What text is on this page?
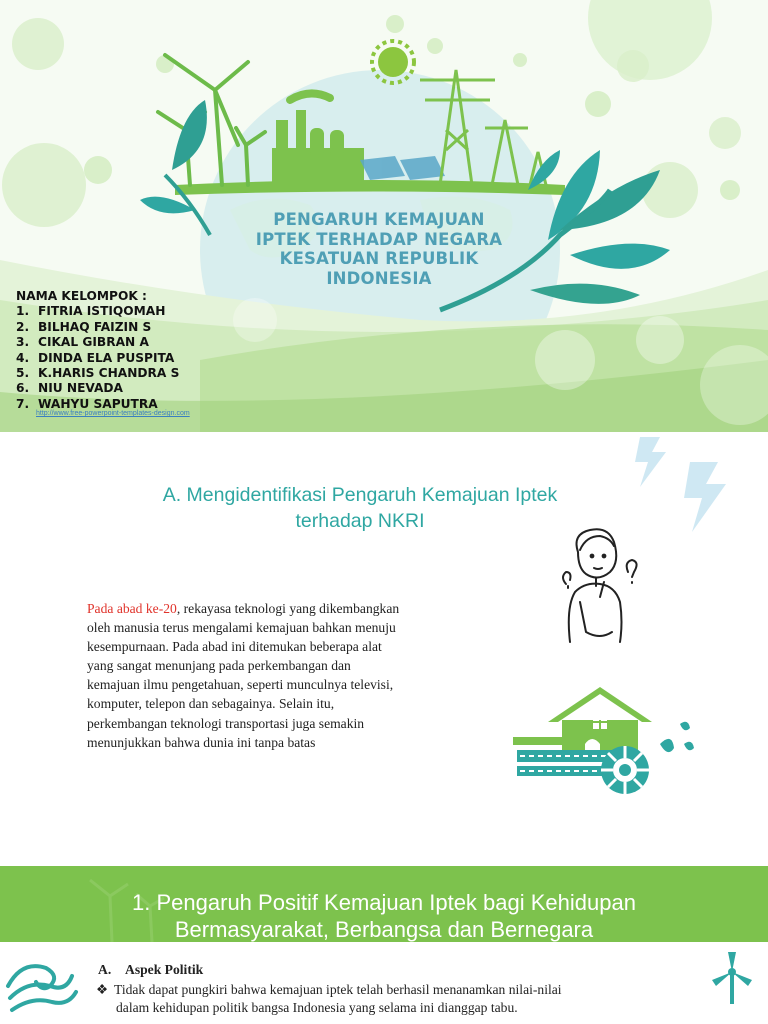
PENGARUH KEMAJUAN
IPTEK TERHADAP NEGARA
KESATUAN REPUBLIK
INDONESIA
NAMA KELOMPOK :
1. FITRIA ISTIQOMAH
2. BILHAQ FAIZIN S
3. CIKAL GIBRAN A
4. DINDA ELA PUSPITA
5. K.HARIS CHANDRA S
6. NIU NEVADA
7. WAHYU SAPUTRA
http://www.free-powerpoint-templates-design.com
A. Mengidentifikasi Pengaruh Kemajuan Iptek
terhadap NKRI
Pada abad ke-20, rekayasa teknologi yang dikembangkan
oleh manusia terus mengalami kemajuan bahkan menuju
kesempurnaan. Pada abad ini ditemukan beberapa alat
yang sangat menunjang pada perkembangan dan
kemajuan ilmu pengetahuan, seperti munculnya televisi,
komputer, telepon dan sebagainya. Selain itu,
perkembangan teknologi transportasi juga semakin
menunjukkan bahwa dunia ini tanpa batas
1. Pengaruh Positif Kemajuan Iptek bagi Kehidupan
Bermasyarakat, Berbangsa dan Bernegara
A. Aspek Politik
❖ Tidak dapat pungkiri bahwa kemajuan iptek telah berhasil menanamkan nilai-nilai
dalam kehidupan politik bangsa Indonesia yang selama ini dianggap tabu.
